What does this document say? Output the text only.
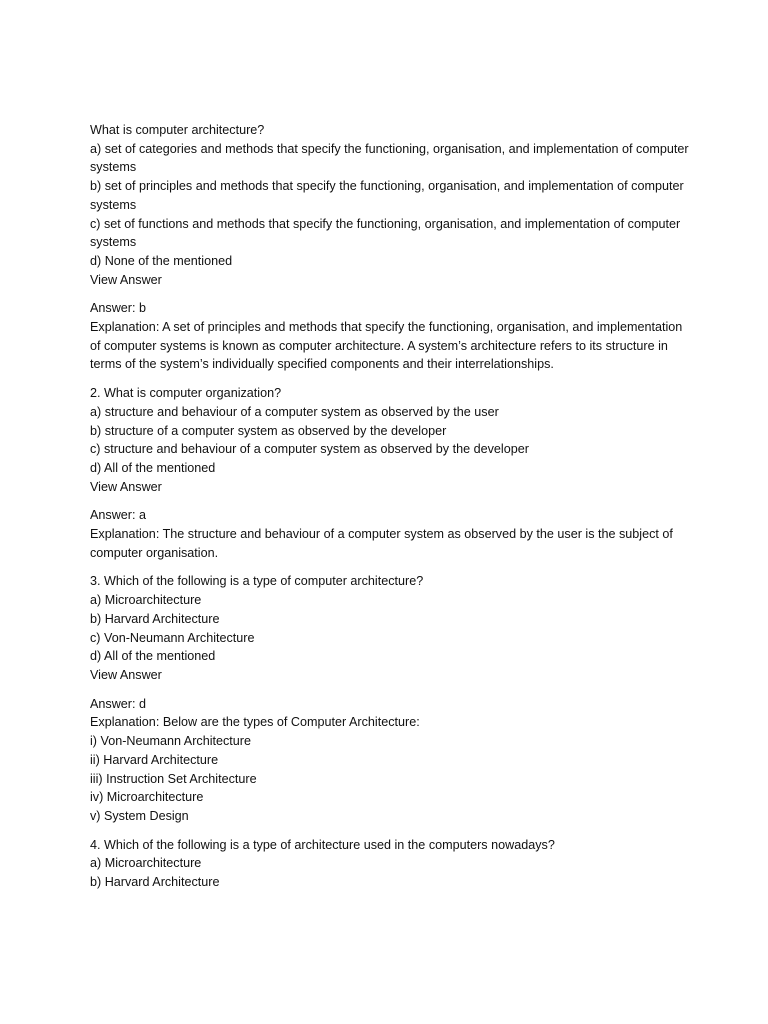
What is computer architecture?
a) set of categories and methods that specify the functioning, organisation, and implementation of computer systems
b) set of principles and methods that specify the functioning, organisation, and implementation of computer systems
c) set of functions and methods that specify the functioning, organisation, and implementation of computer systems
d) None of the mentioned
View Answer
Answer: b
Explanation: A set of principles and methods that specify the functioning, organisation, and implementation of computer systems is known as computer architecture. A system’s architecture refers to its structure in terms of the system’s individually specified components and their interrelationships.
2. What is computer organization?
a) structure and behaviour of a computer system as observed by the user
b) structure of a computer system as observed by the developer
c) structure and behaviour of a computer system as observed by the developer
d) All of the mentioned
View Answer
Answer: a
Explanation: The structure and behaviour of a computer system as observed by the user is the subject of computer organisation.
3. Which of the following is a type of computer architecture?
a) Microarchitecture
b) Harvard Architecture
c) Von-Neumann Architecture
d) All of the mentioned
View Answer
Answer: d
Explanation: Below are the types of Computer Architecture:
i) Von-Neumann Architecture
ii) Harvard Architecture
iii) Instruction Set Architecture
iv) Microarchitecture
v) System Design
4. Which of the following is a type of architecture used in the computers nowadays?
a) Microarchitecture
b) Harvard Architecture
